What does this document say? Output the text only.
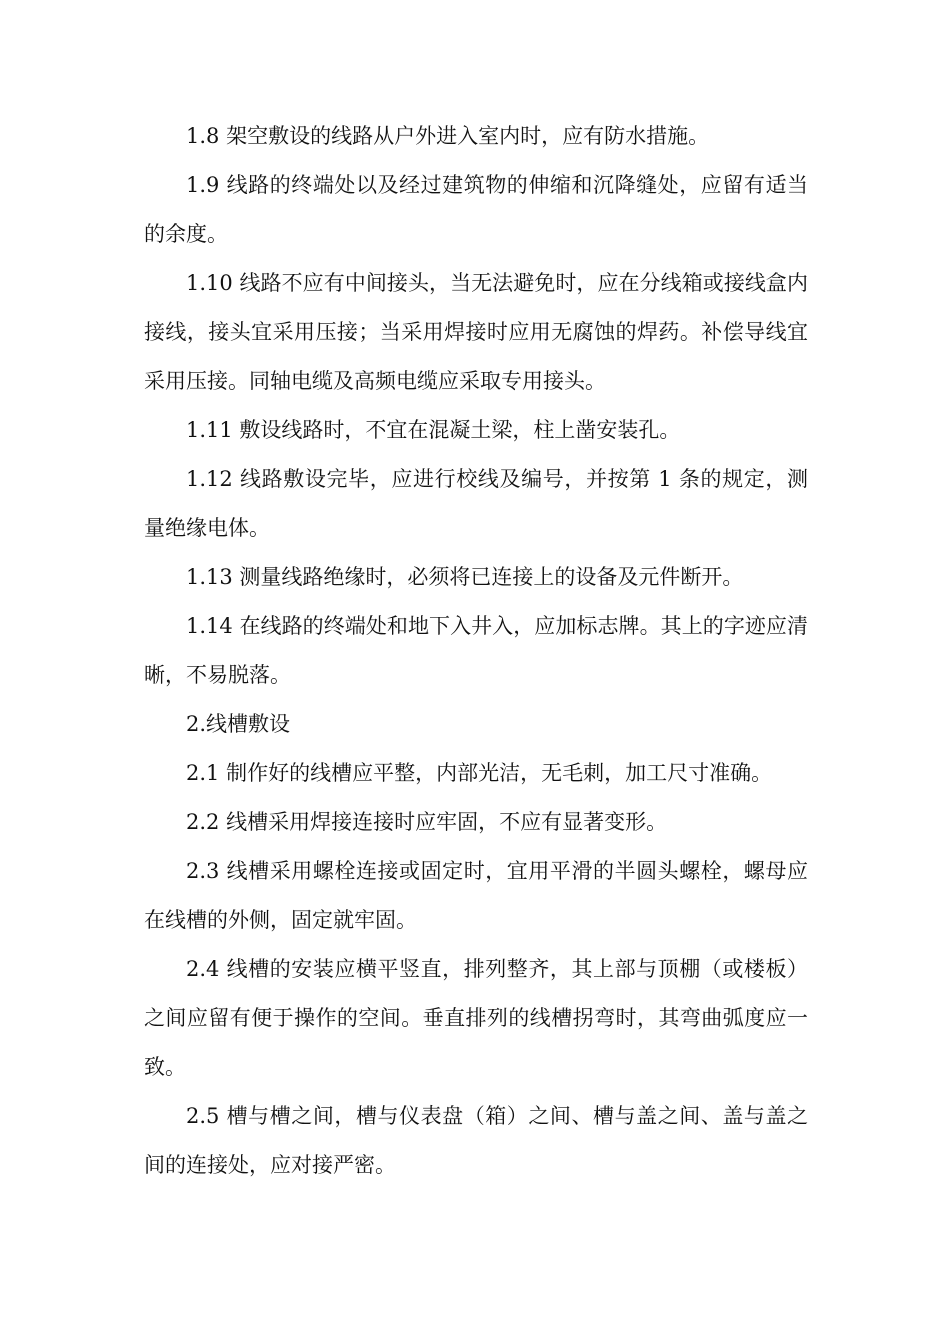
1.8 架空敷设的线路从户外进入室内时，应有防水措施。

1.9 线路的终端处以及经过建筑物的伸缩和沉降缝处，应留有适当的余度。

1.10 线路不应有中间接头，当无法避免时，应在分线箱或接线盒内接线，接头宜采用压接；当采用焊接时应用无腐蚀的焊药。补偿导线宜采用压接。同轴电缆及高频电缆应采取专用接头。

1.11 敷设线路时，不宜在混凝土梁，柱上凿安装孔。

1.12 线路敷设完毕，应进行校线及编号，并按第 1 条的规定，测量绝缘电体。

1.13 测量线路绝缘时，必须将已连接上的设备及元件断开。

1.14 在线路的终端处和地下入井入，应加标志牌。其上的字迹应清晰，不易脱落。

2.线槽敷设

2.1 制作好的线槽应平整，内部光洁，无毛刺，加工尺寸准确。

2.2 线槽采用焊接连接时应牢固，不应有显著变形。

2.3 线槽采用螺栓连接或固定时，宜用平滑的半圆头螺栓，螺母应在线槽的外侧，固定就牢固。

2.4 线槽的安装应横平竖直，排列整齐，其上部与顶棚（或楼板）之间应留有便于操作的空间。垂直排列的线槽拐弯时，其弯曲弧度应一致。

2.5 槽与槽之间，槽与仪表盘（箱）之间、槽与盖之间、盖与盖之间的连接处，应对接严密。
